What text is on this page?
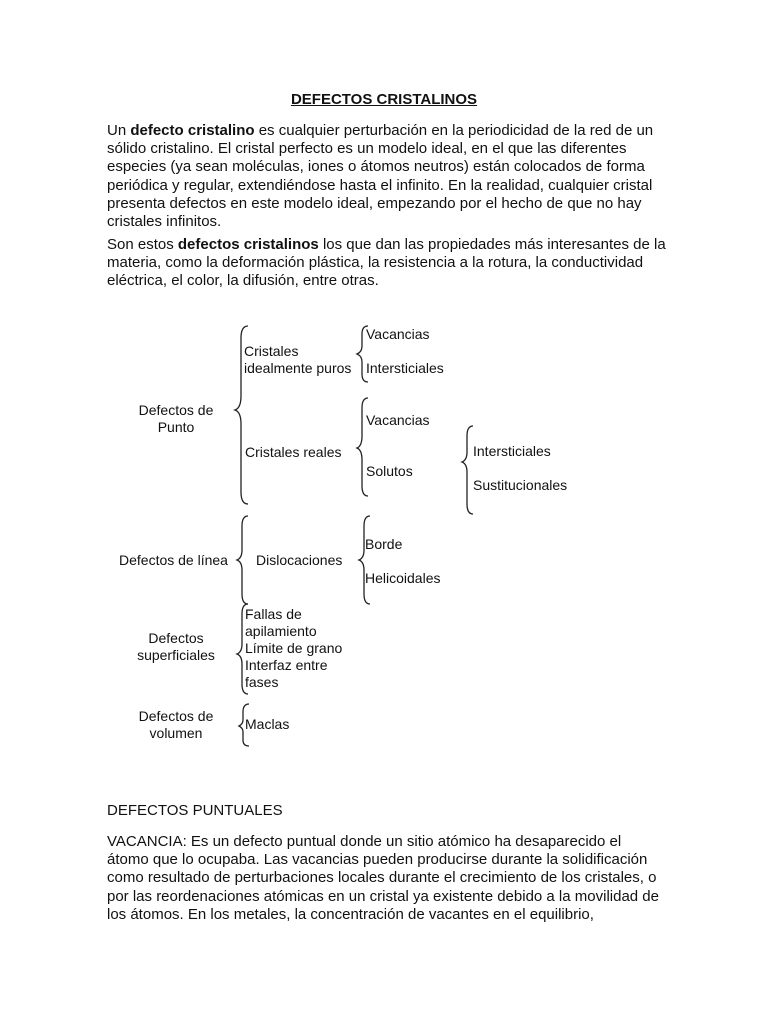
DEFECTOS CRISTALINOS

Un defecto cristalino es cualquier perturbación en la periodicidad de la red de un sólido cristalino. El cristal perfecto es un modelo ideal, en el que las diferentes especies (ya sean moléculas, iones o átomos neutros) están colocados de forma periódica y regular, extendiéndose hasta el infinito. En la realidad, cualquier cristal presenta defectos en este modelo ideal, empezando por el hecho de que no hay cristales infinitos.

Son estos defectos cristalinos los que dan las propiedades más interesantes de la materia, como la deformación plástica, la resistencia a la rotura, la conductividad eléctrica, el color, la difusión, entre otras.

Defectos de
Punto
Cristales
idealmente puros
Vacancias
Intersticiales
Cristales reales
Vacancias
Solutos
Intersticiales
Sustitucionales
Defectos de línea Dislocaciones
Borde
Helicoidales
Defectos
superficiales
Fallas de
apilamiento
Límite de grano
Interfaz entre
fases
Defectos de
volumen
Maclas
DEFECTOS PUNTUALES

VACANCIA: Es un defecto puntual donde un sitio atómico ha desaparecido el átomo que lo ocupaba. Las vacancias pueden producirse durante la solidificación como resultado de perturbaciones locales durante el crecimiento de los cristales, o por las reordenaciones atómicas en un cristal ya existente debido a la movilidad de los átomos. En los metales, la concentración de vacantes en el equilibrio,
